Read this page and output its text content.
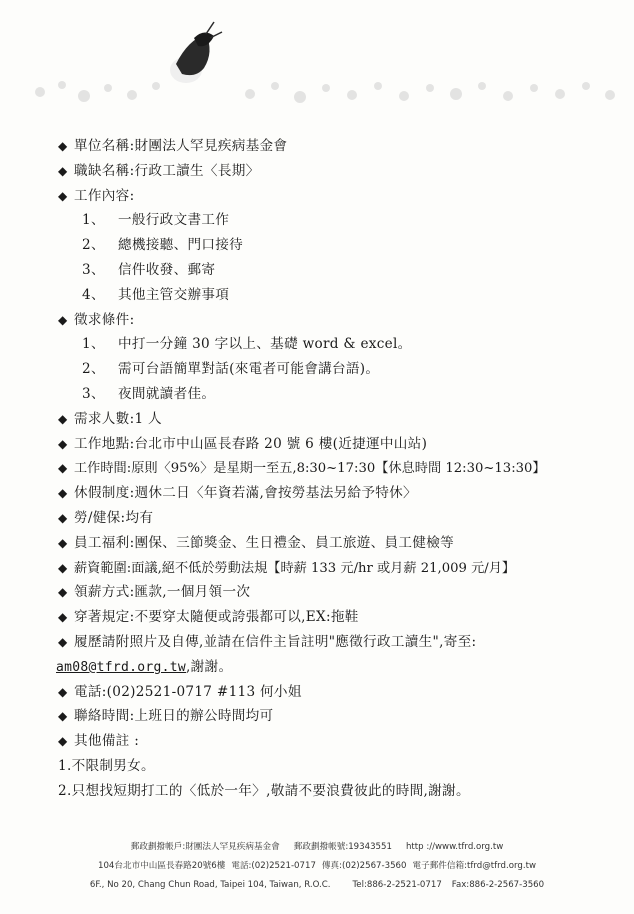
◆ 單位名稱:財團法人罕見疾病基金會
◆ 職缺名稱:行政工讀生〈長期〉
◆ 工作內容:
1、 一般行政文書工作
2、 總機接聽、門口接待
3、 信件收發、郵寄
4、 其他主管交辦事項
◆ 徵求條件:
1、 中打一分鐘 30 字以上、基礎 word & excel。
2、 需可台語簡單對話(來電者可能會講台語)。
3、 夜間就讀者佳。
◆ 需求人數:1 人
◆ 工作地點:台北市中山區長春路 20 號 6 樓(近捷運中山站)
◆ 工作時間:原則〈95%〉是星期一至五,8:30~17:30【休息時間 12:30~13:30】
◆ 休假制度:週休二日〈年資若滿,會按勞基法另給予特休〉
◆ 勞/健保:均有
◆ 員工福利:團保、三節獎金、生日禮金、員工旅遊、員工健檢等
◆ 薪資範圍:面議,絕不低於勞動法規【時薪 133 元/hr 或月薪 21,009 元/月】
◆ 領薪方式:匯款,一個月領一次
◆ 穿著規定:不要穿太隨便或誇張都可以,EX:拖鞋
◆ 履歷請附照片及自傳,並請在信件主旨註明"應徵行政工讀生",寄至:
am08@tfrd.org.tw,謝謝。
◆ 電話:(02)2521-0717 #113 何小姐
◆ 聯絡時間:上班日的辦公時間均可
◆ 其他備註 :
1.不限制男女。
2.只想找短期打工的〈低於一年〉,敬請不要浪費彼此的時間,謝謝。
郵政劃撥帳戶:財團法人罕見疾病基金會 郵政劃撥帳號:19343551 http ://www.tfrd.org.tw
104台北市中山區長春路20號6樓 電話:(02)2521-0717 傳真:(02)2567-3560 電子郵件信箱:tfrd@tfrd.org.tw
6F., No 20, Chang Chun Road, Taipei 104, Taiwan, R.O.C.	Tel:886-2-2521-0717 Fax:886-2-2567-3560
